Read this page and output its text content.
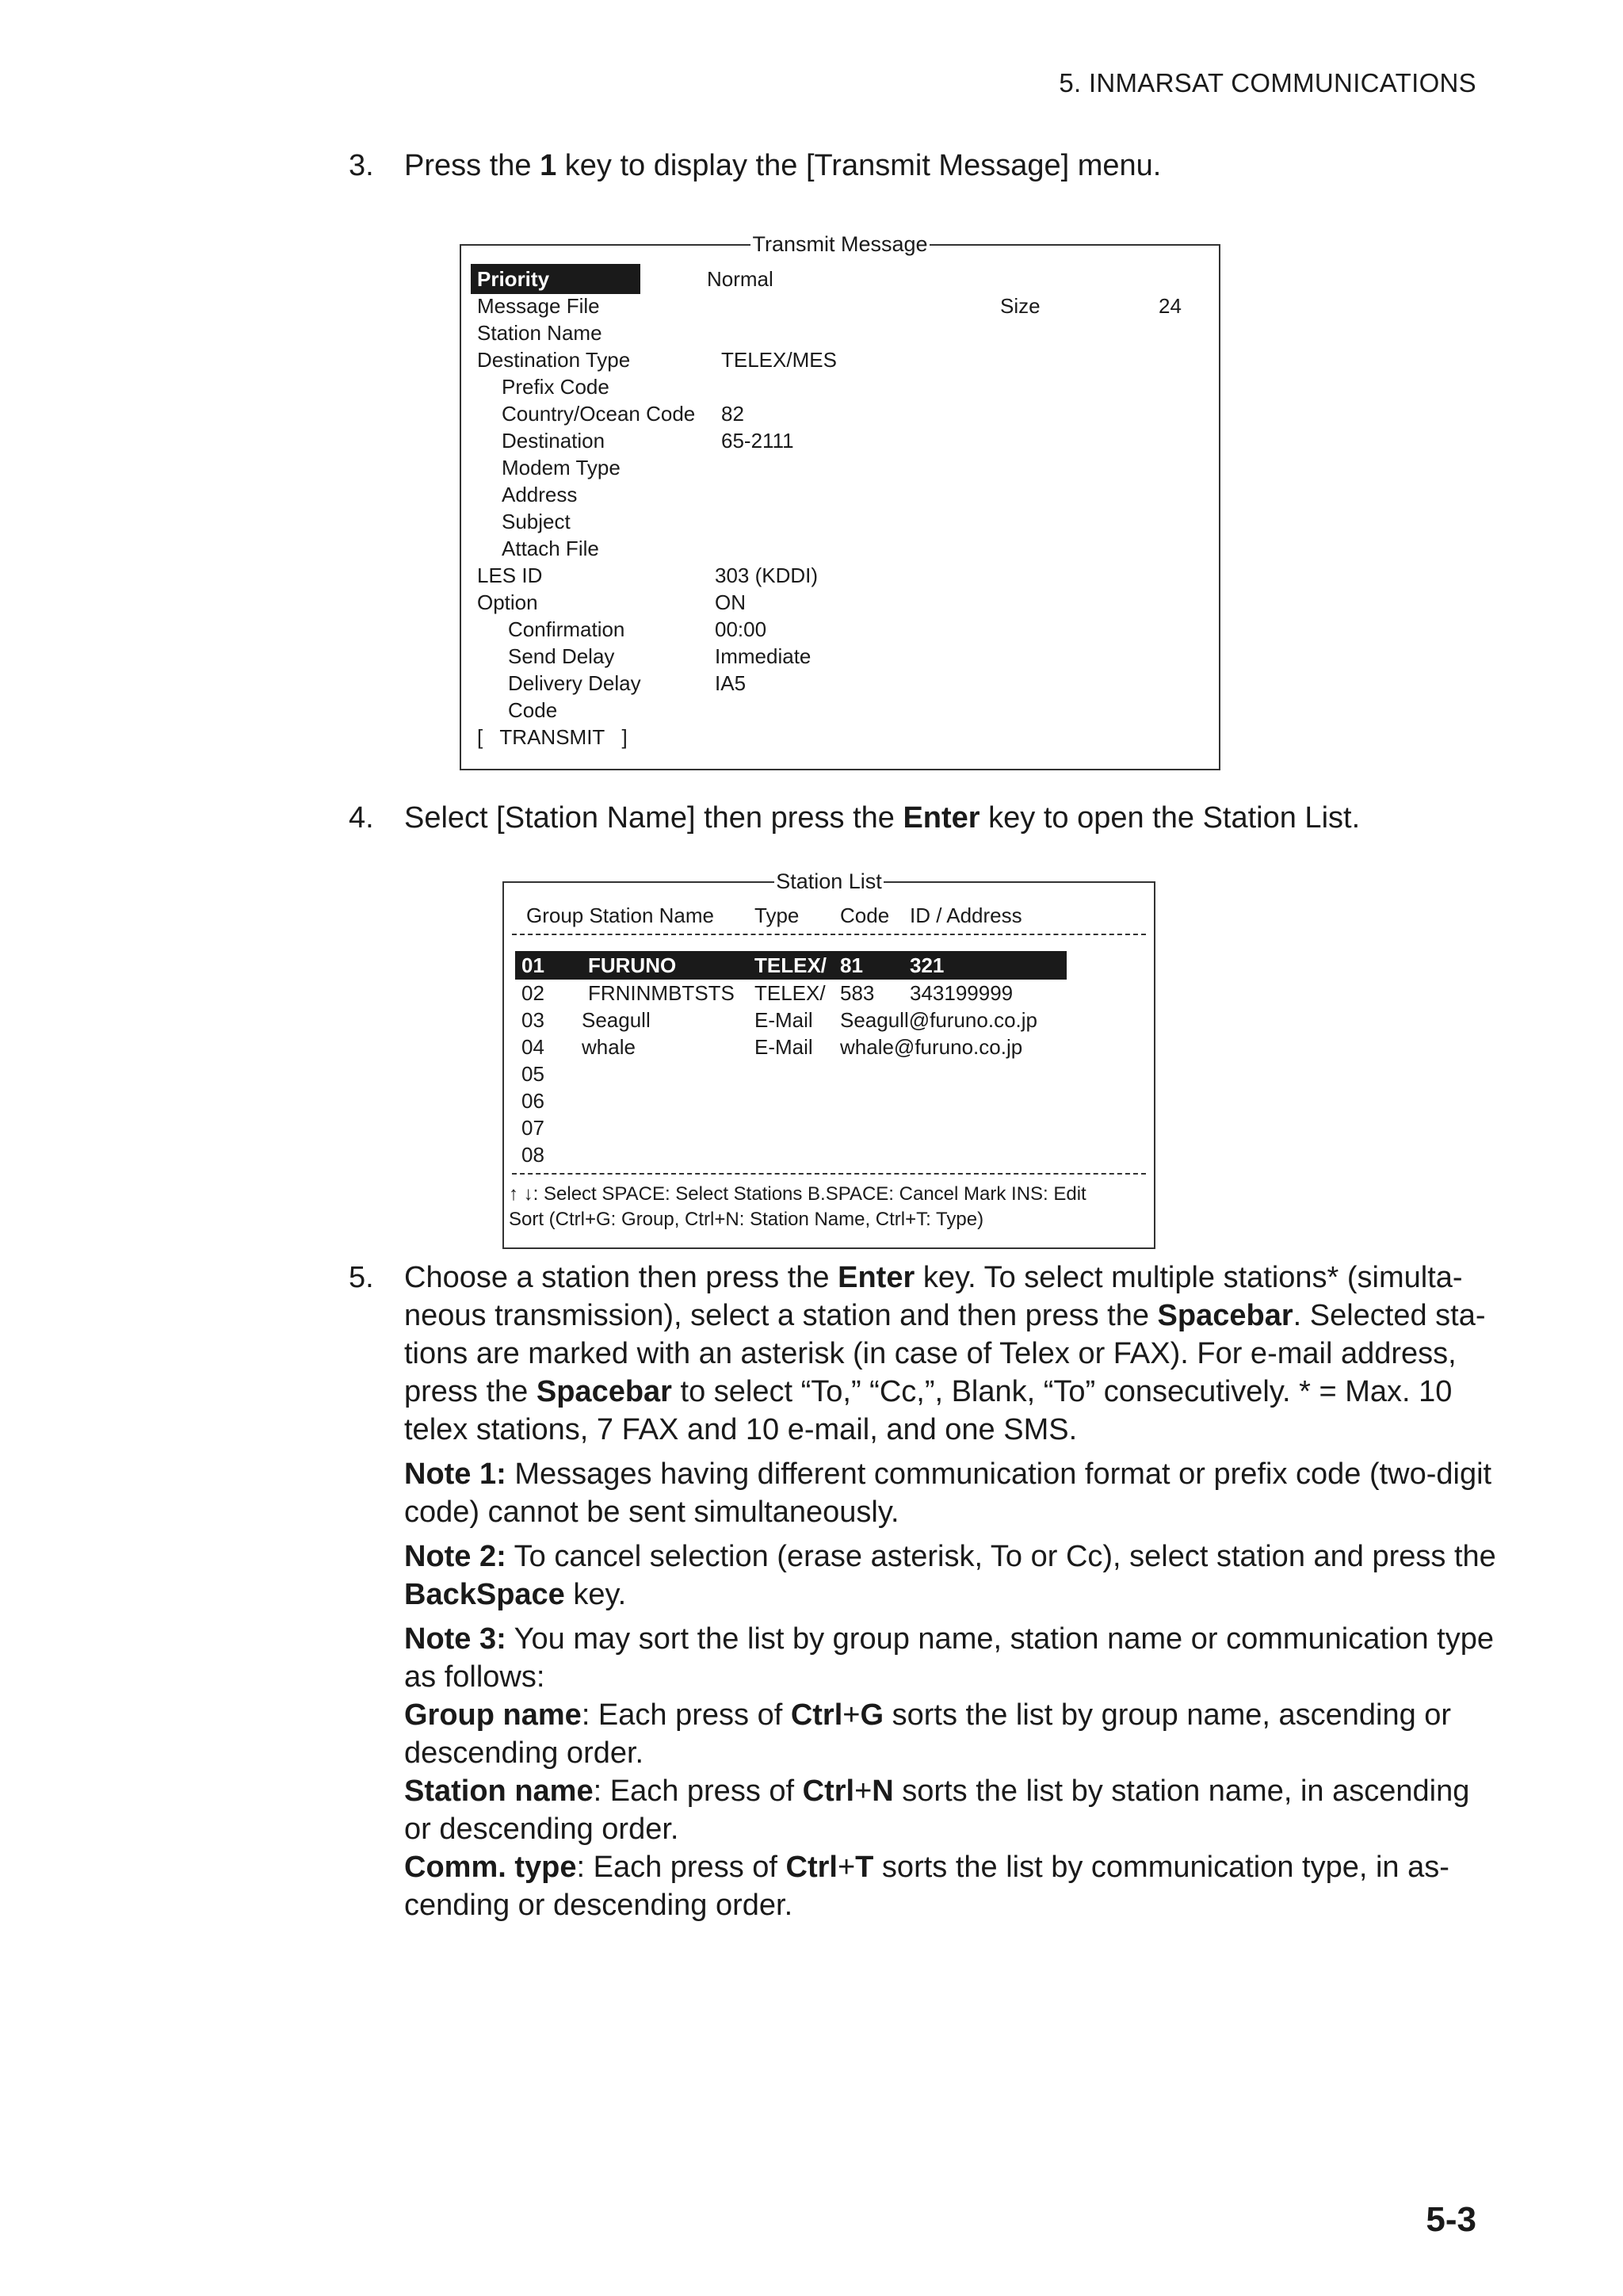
5. INMARSAT COMMUNICATIONS
3. Press the 1 key to display the [Transmit Message] menu.
Transmit Message
Priority	Normal
Message File	Size	24
Station Name
Destination Type	TELEX/MES
Prefix Code
Country/Ocean Code 82
Destination	65-2111
Modem Type
Address
Subject
Attach File
LES ID	303 (KDDI)
Option	ON
Confirmation	00:00
Send Delay	Immediate
Delivery Delay	IA5
Code
[   TRANSMIT   ]
4. Select [Station Name] then press the Enter key to open the Station List.
Station List
Group Station Name Type Code ID / Address
01 FURUNO	TELEX/ 81 321
02 FRNINMBTSTS TELEX/ 583 343199999
03 Seagull	E-Mail Seagull@furuno.co.jp
04 whale	E-Mail whale@furuno.co.jp
05
06
07
08
↑ ↓: Select SPACE: Select Stations B.SPACE: Cancel Mark INS: Edit
Sort (Ctrl+G: Group, Ctrl+N: Station Name, Ctrl+T: Type)
5. Choose a station then press the Enter key. To select multiple stations* (simulta-neous transmission), select a station and then press the Spacebar. Selected sta-tions are marked with an asterisk (in case of Telex or FAX). For e-mail address, press the Spacebar to select “To,” “Cc,”, Blank, “To” consecutively. * = Max. 10 telex stations, 7 FAX and 10 e-mail, and one SMS.

Note 1: Messages having different communication format or prefix code (two-digit code) cannot be sent simultaneously.

Note 2: To cancel selection (erase asterisk, To or Cc), select station and press the BackSpace key.

Note 3: You may sort the list by group name, station name or communication type as follows:

Group name: Each press of Ctrl+G sorts the list by group name, ascending or descending order.

Station name: Each press of Ctrl+N sorts the list by station name, in ascending or descending order.

Comm. type: Each press of Ctrl+T sorts the list by communication type, in as-cending or descending order.

5-3
